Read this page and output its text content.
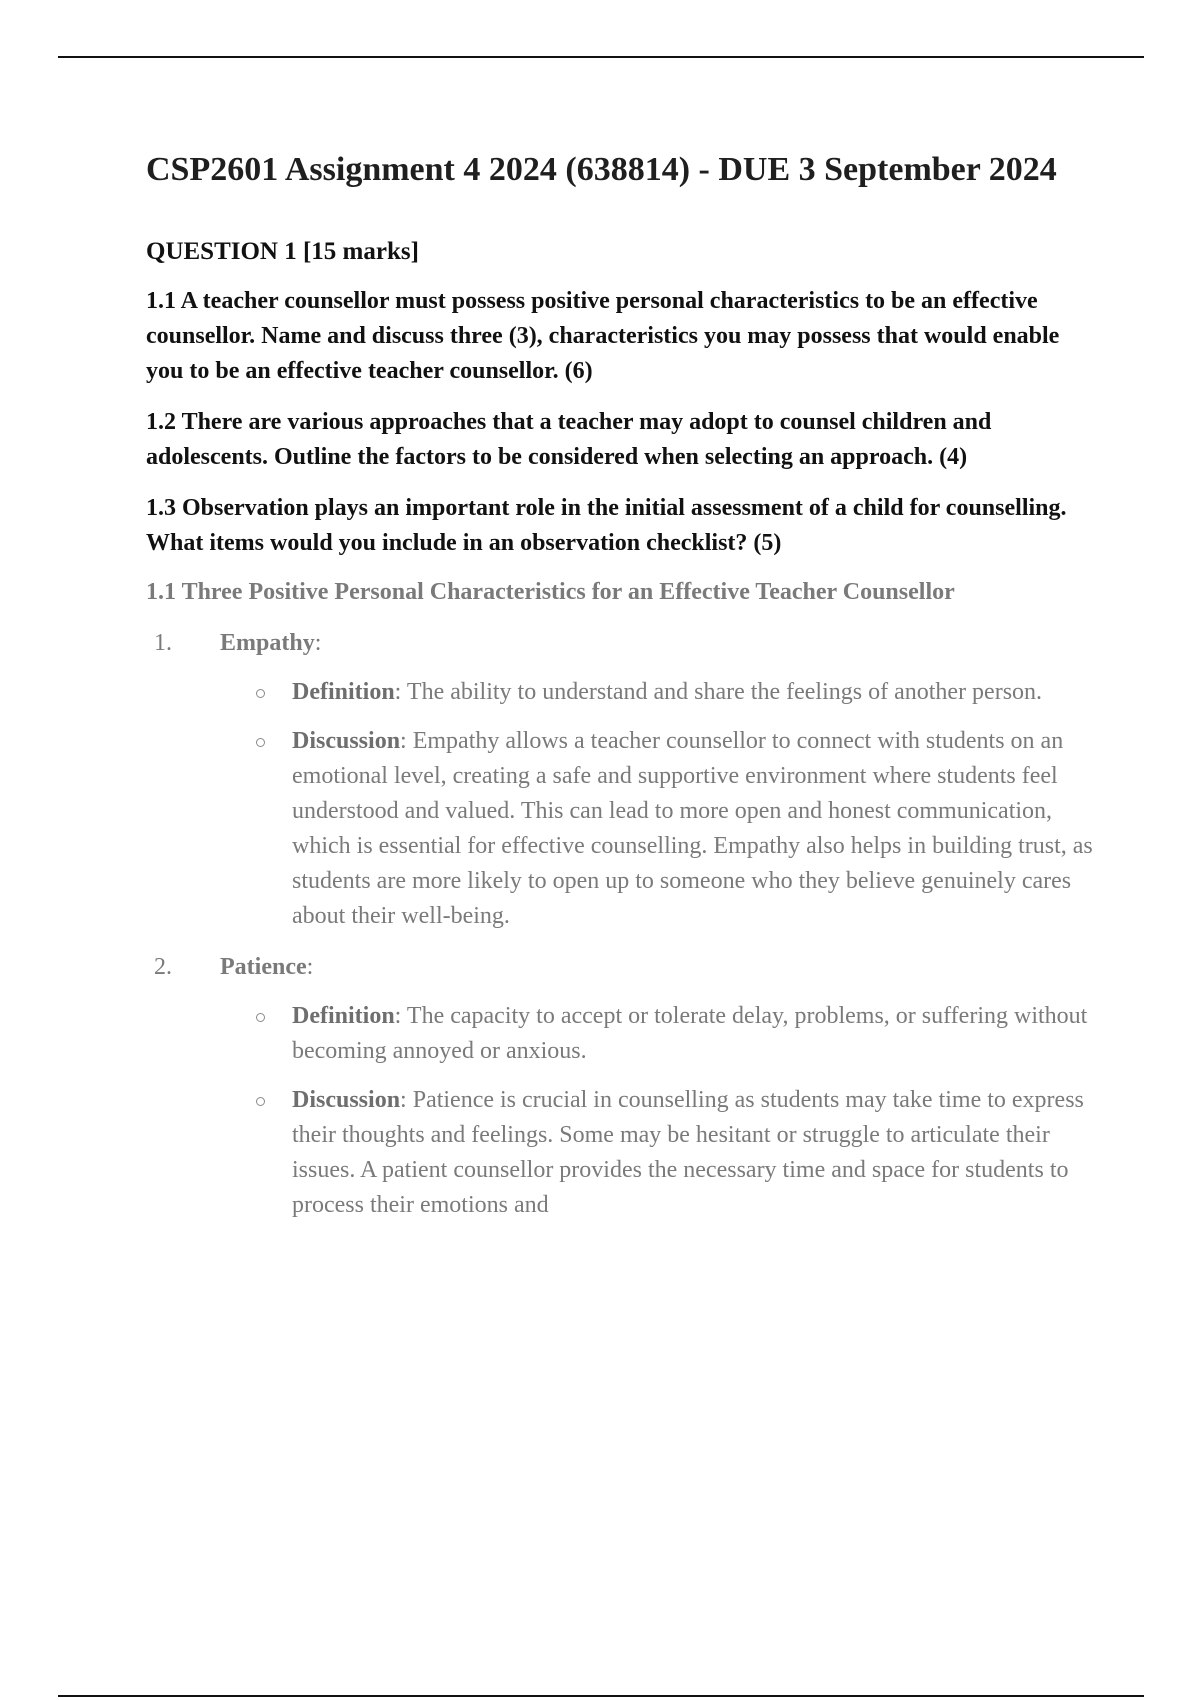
CSP2601 Assignment 4 2024 (638814) - DUE 3 September 2024
QUESTION 1 [15 marks]

1.1 A teacher counsellor must possess positive personal characteristics to be an effective counsellor. Name and discuss three (3), characteristics you may possess that would enable you to be an effective teacher counsellor. (6)

1.2 There are various approaches that a teacher may adopt to counsel children and adolescents. Outline the factors to be considered when selecting an approach. (4)

1.3 Observation plays an important role in the initial assessment of a child for counselling. What items would you include in an observation checklist? (5)

1.1 Three Positive Personal Characteristics for an Effective Teacher Counsellor
1.	Empathy:
Definition: The ability to understand and share the feelings of another person.
Discussion: Empathy allows a teacher counsellor to connect with students on an emotional level, creating a safe and supportive environment where students feel understood and valued. This can lead to more open and honest communication, which is essential for effective counselling. Empathy also helps in building trust, as students are more likely to open up to someone who they believe genuinely cares about their well-being.
2.	Patience:
Definition: The capacity to accept or tolerate delay, problems, or suffering without becoming annoyed or anxious.
Discussion: Patience is crucial in counselling as students may take time to express their thoughts and feelings. Some may be hesitant or struggle to articulate their issues. A patient counsellor provides the necessary time and space for students to process their emotions and
